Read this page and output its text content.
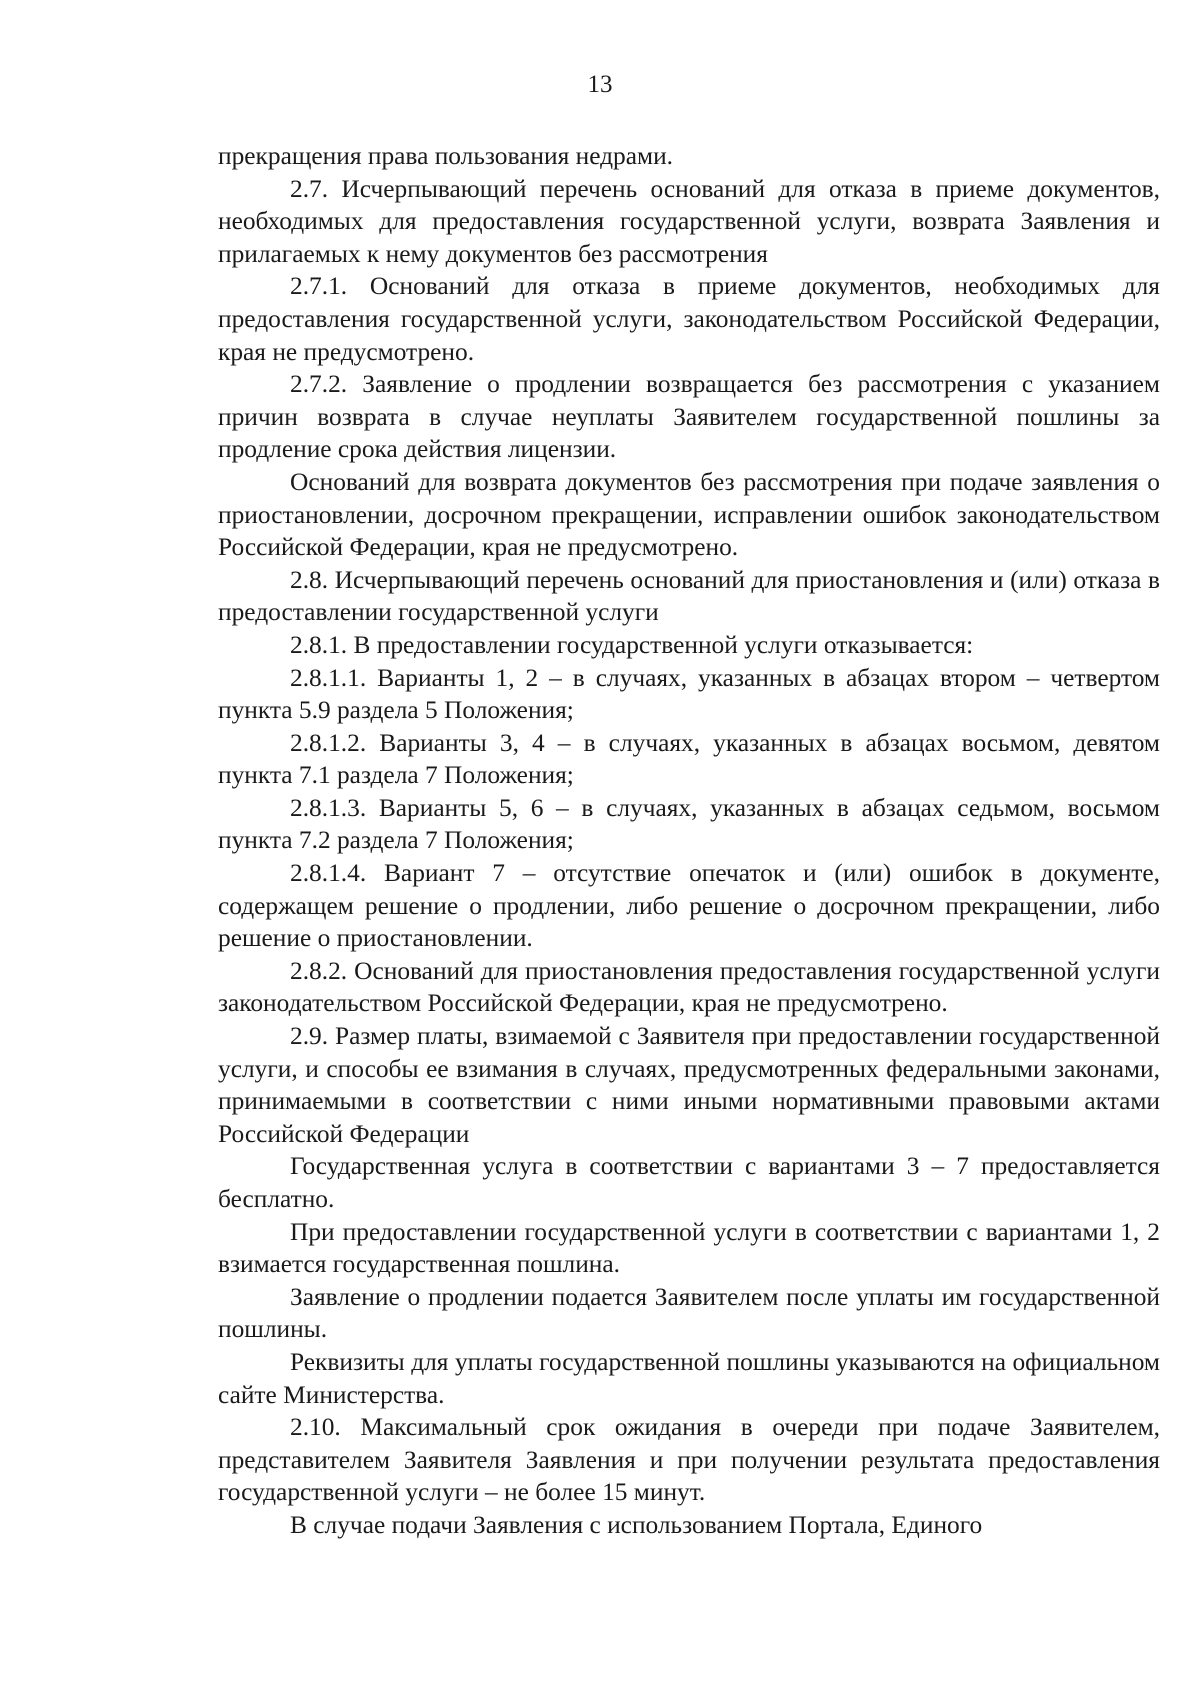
13

прекращения права пользования недрами.

2.7. Исчерпывающий перечень оснований для отказа в приеме документов, необходимых для предоставления государственной услуги, возврата Заявления и прилагаемых к нему документов без рассмотрения

2.7.1. Оснований для отказа в приеме документов, необходимых для предоставления государственной услуги, законодательством Российской Федерации, края не предусмотрено.

2.7.2. Заявление о продлении возвращается без рассмотрения с указанием причин возврата в случае неуплаты Заявителем государственной пошлины за продление срока действия лицензии.

Оснований для возврата документов без рассмотрения при подаче заявления о приостановлении, досрочном прекращении, исправлении ошибок законодательством Российской Федерации, края не предусмотрено.

2.8. Исчерпывающий перечень оснований для приостановления и (или) отказа в предоставлении государственной услуги

2.8.1. В предоставлении государственной услуги отказывается:

2.8.1.1. Варианты 1, 2 – в случаях, указанных в абзацах втором – четвертом пункта 5.9 раздела 5 Положения;

2.8.1.2. Варианты 3, 4 – в случаях, указанных в абзацах восьмом, девятом пункта 7.1 раздела 7 Положения;

2.8.1.3. Варианты 5, 6 – в случаях, указанных в абзацах седьмом, восьмом пункта 7.2 раздела 7 Положения;

2.8.1.4. Вариант 7 – отсутствие опечаток и (или) ошибок в документе, содержащем решение о продлении, либо решение о досрочном прекращении, либо решение о приостановлении.

2.8.2. Оснований для приостановления предоставления государственной услуги законодательством Российской Федерации, края не предусмотрено.

2.9. Размер платы, взимаемой с Заявителя при предоставлении государственной услуги, и способы ее взимания в случаях, предусмотренных федеральными законами, принимаемыми в соответствии с ними иными нормативными правовыми актами Российской Федерации

Государственная услуга в соответствии с вариантами 3 – 7 предоставляется бесплатно.

При предоставлении государственной услуги в соответствии с вариантами 1, 2 взимается государственная пошлина.

Заявление о продлении подается Заявителем после уплаты им государственной пошлины.

Реквизиты для уплаты государственной пошлины указываются на официальном сайте Министерства.

2.10. Максимальный срок ожидания в очереди при подаче Заявителем, представителем Заявителя Заявления и при получении результата предоставления государственной услуги – не более 15 минут.

В случае подачи Заявления с использованием Портала, Единого
